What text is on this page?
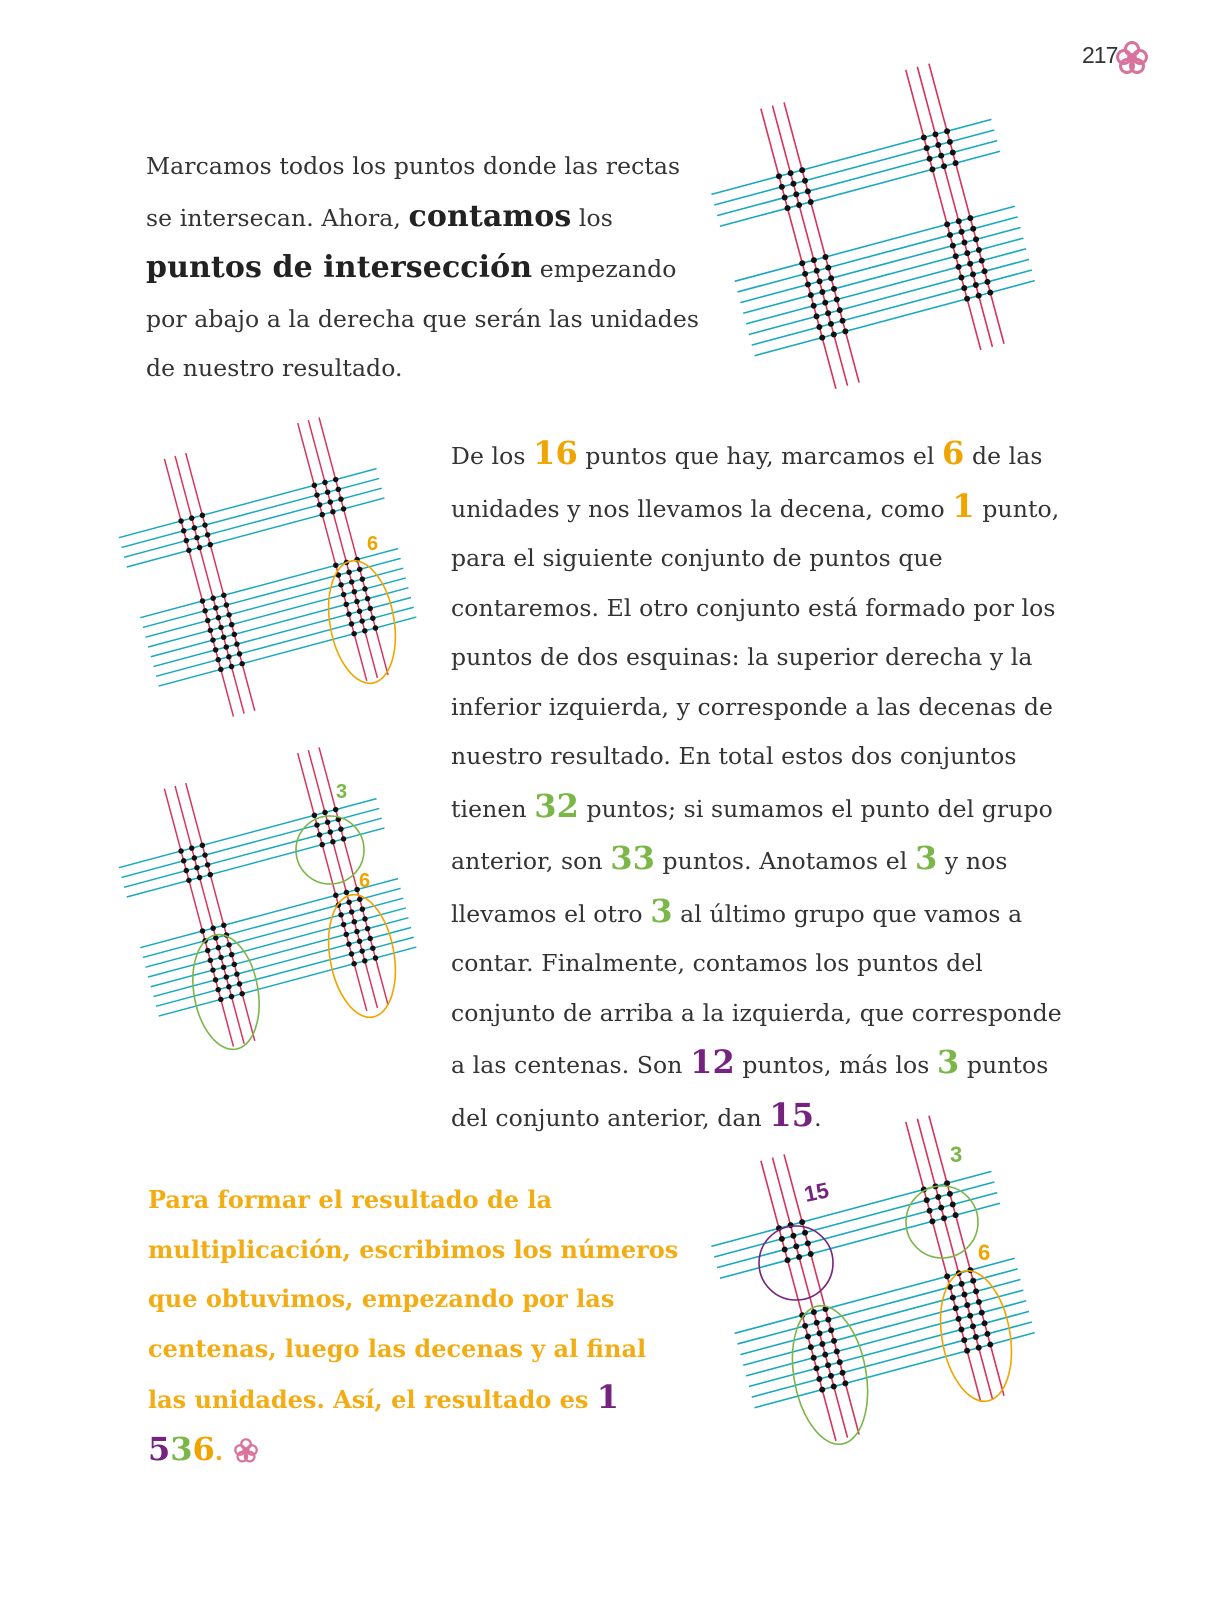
217
Marcamos todos los puntos donde las rectas se intersecan. Ahora, contamos los puntos de intersección empezando por abajo a la derecha que serán las unidades de nuestro resultado.
De los 16 puntos que hay, marcamos el 6 de las unidades y nos llevamos la decena, como 1 punto, para el siguiente conjunto de puntos que contaremos. El otro conjunto está formado por los puntos de dos esquinas: la superior derecha y la inferior izquierda, y corresponde a las decenas de nuestro resultado. En total estos dos conjuntos tienen 32 puntos; si sumamos el punto del grupo anterior, son 33 puntos. Anotamos el 3 y nos llevamos el otro 3 al último grupo que vamos a contar. Finalmente, contamos los puntos del conjunto de arriba a la izquierda, que corresponde a las centenas. Son 12 puntos, más los 3 puntos del conjunto anterior, dan 15.
Para formar el resultado de la multiplicación, escribimos los números que obtuvimos, empezando por las centenas, luego las decenas y al final las unidades. Así, el resultado es 1 536.
6
3
6
3
6
15
